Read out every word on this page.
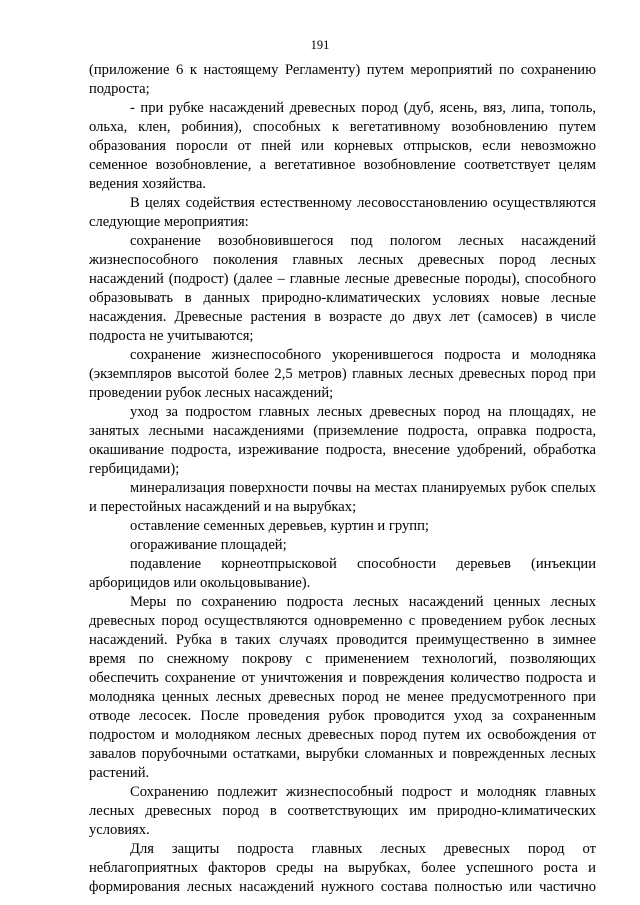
191

(приложение 6 к настоящему Регламенту) путем мероприятий по сохранению подроста;

- при рубке насаждений древесных пород (дуб, ясень, вяз, липа, тополь, ольха, клен, робиния), способных к вегетативному возобновлению путем образования поросли от пней или корневых отпрысков, если невозможно семенное возобновление, а вегетативное возобновление соответствует целям ведения хозяйства.

В целях содействия естественному лесовосстановлению осуществляются следующие мероприятия:

сохранение возобновившегося под пологом лесных насаждений жизнеспособного поколения главных лесных древесных пород лесных насаждений (подрост) (далее – главные лесные древесные породы), способного образовывать в данных природно-климатических условиях новые лесные насаждения. Древесные растения в возрасте до двух лет (самосев) в числе подроста не учитываются;

сохранение жизнеспособного укоренившегося подроста и молодняка (экземпляров высотой более 2,5 метров) главных лесных древесных пород при проведении рубок лесных насаждений;

уход за подростом главных лесных древесных пород на площадях, не занятых лесными насаждениями (приземление подроста, оправка подроста, окашивание подроста, изреживание подроста, внесение удобрений, обработка гербицидами);

минерализация поверхности почвы на местах планируемых рубок спелых и перестойных насаждений и на вырубках;

оставление семенных деревьев, куртин и групп;

огораживание площадей;

подавление корнеотпрысковой способности деревьев (инъекции арборицидов или окольцовывание).

Меры по сохранению подроста лесных насаждений ценных лесных древесных пород осуществляются одновременно с проведением рубок лесных насаждений. Рубка в таких случаях проводится преимущественно в зимнее время по снежному покрову с применением технологий, позволяющих обеспечить сохранение от уничтожения и повреждения количество подроста и молодняка ценных лесных древесных пород не менее предусмотренного при отводе лесосек. После проведения рубок проводится уход за сохраненным подростом и молодняком лесных древесных пород путем их освобождения от завалов порубочными остатками, вырубки сломанных и поврежденных лесных растений.

Сохранению подлежит жизнеспособный подрост и молодняк главных лесных древесных пород в соответствующих им природно-климатических условиях.

Для защиты подроста главных лесных древесных пород от неблагоприятных факторов среды на вырубках, более успешного роста и формирования лесных насаждений нужного состава полностью или частично
